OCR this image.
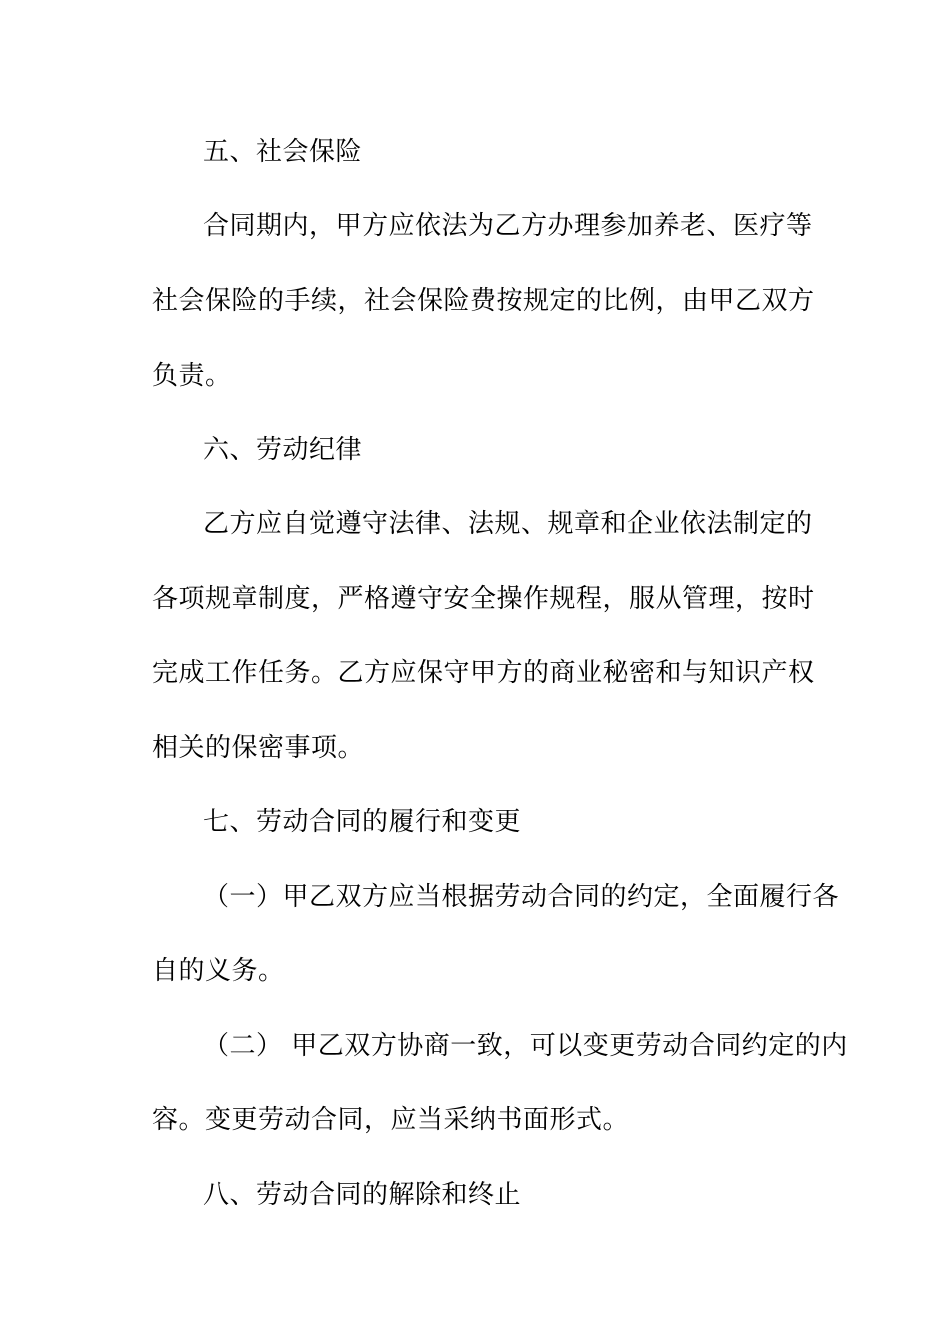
五、社会保险
合同期内，甲方应依法为乙方办理参加养老、医疗等
社会保险的手续，社会保险费按规定的比例，由甲乙双方
负责。
六、劳动纪律
乙方应自觉遵守法律、法规、规章和企业依法制定的
各项规章制度，严格遵守安全操作规程，服从管理，按时
完成工作任务。乙方应保守甲方的商业秘密和与知识产权
相关的保密事项。
七、劳动合同的履行和变更
（一）甲乙双方应当根据劳动合同的约定，全面履行各
自的义务。
（二） 甲乙双方协商一致，可以变更劳动合同约定的内
容。变更劳动合同，应当采纳书面形式。
八、劳动合同的解除和终止
